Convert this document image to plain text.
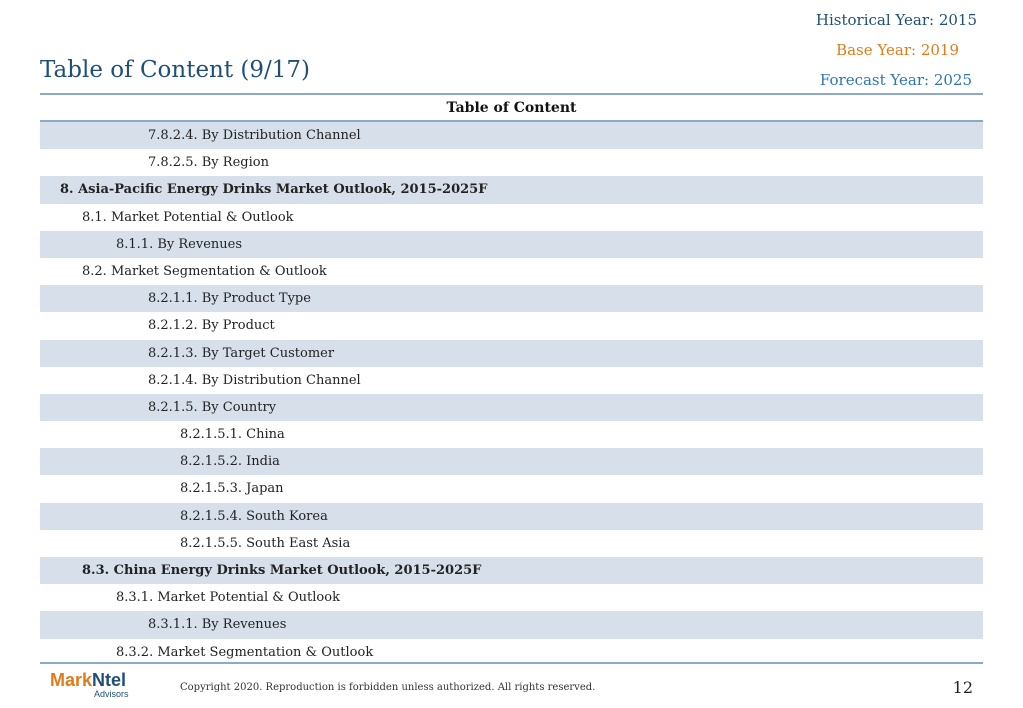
Historical Year: 2015
Base Year: 2019
Forecast Year: 2025
Table of Content (9/17)
Table of Content
7.8.2.4. By Distribution Channel
7.8.2.5. By Region
8. Asia-Pacific Energy Drinks Market Outlook, 2015-2025F
8.1. Market Potential & Outlook
8.1.1. By Revenues
8.2. Market Segmentation & Outlook
8.2.1.1. By Product Type
8.2.1.2. By Product
8.2.1.3. By Target Customer
8.2.1.4. By Distribution Channel
8.2.1.5. By Country
8.2.1.5.1. China
8.2.1.5.2. India
8.2.1.5.3. Japan
8.2.1.5.4. South Korea
8.2.1.5.5. South East Asia
8.3. China Energy Drinks Market Outlook, 2015-2025F
8.3.1. Market Potential & Outlook
8.3.1.1. By Revenues
8.3.2. Market Segmentation & Outlook
MarkNtel
Advisors
Copyright 2020. Reproduction is forbidden unless authorized. All rights reserved.	12
